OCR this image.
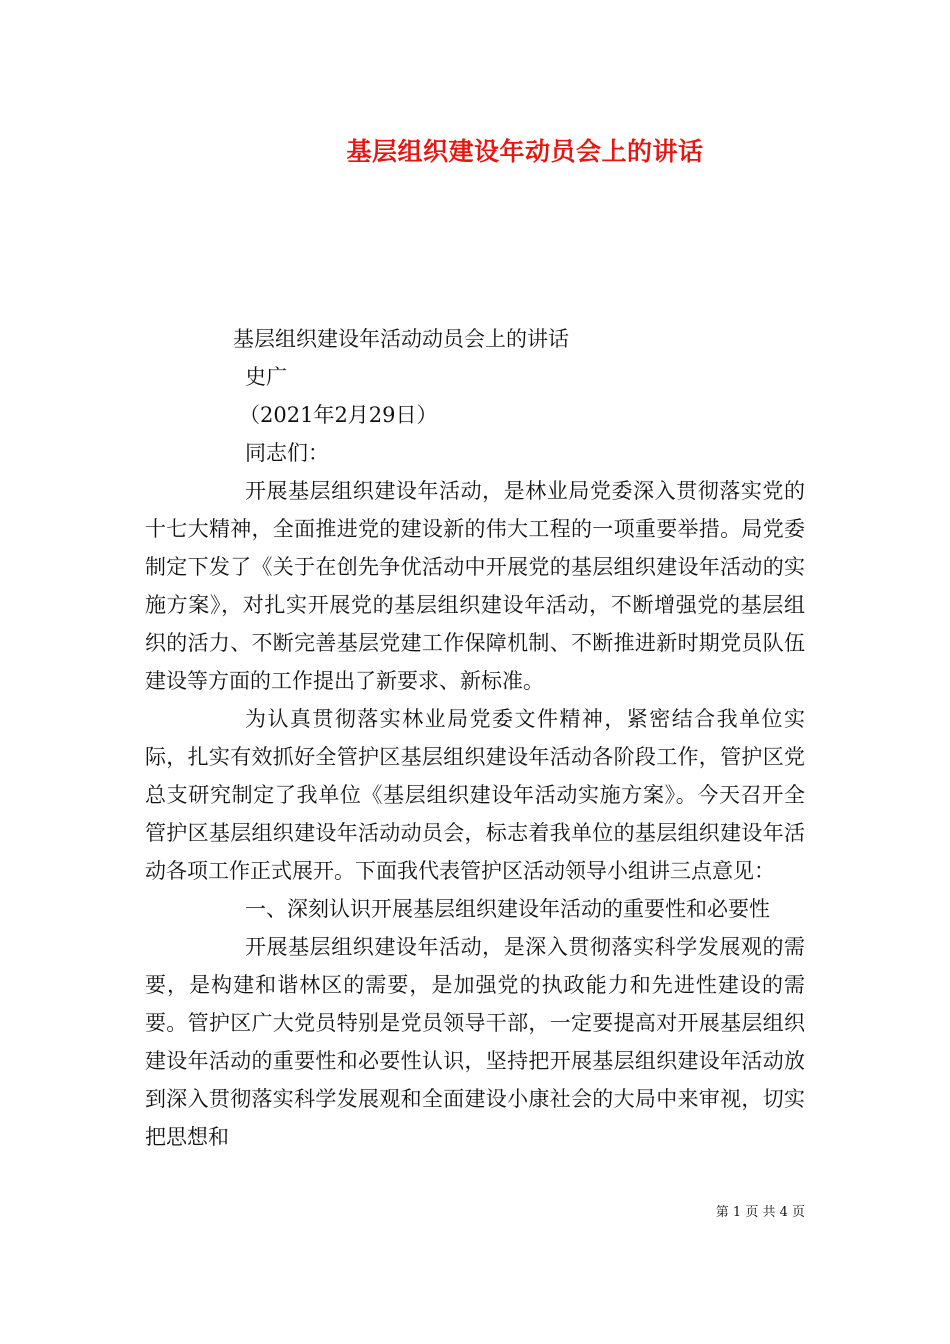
基层组织建设年动员会上的讲话

基层组织建设年活动动员会上的讲话

史广

（2021年2月29日）

同志们：

开展基层组织建设年活动，是林业局党委深入贯彻落实党的十七大精神，全面推进党的建设新的伟大工程的一项重要举措。局党委制定下发了《关于在创先争优活动中开展党的基层组织建设年活动的实施方案》，对扎实开展党的基层组织建设年活动，不断增强党的基层组织的活力、不断完善基层党建工作保障机制、不断推进新时期党员队伍建设等方面的工作提出了新要求、新标准。

为认真贯彻落实林业局党委文件精神，紧密结合我单位实际，扎实有效抓好全管护区基层组织建设年活动各阶段工作，管护区党总支研究制定了我单位《基层组织建设年活动实施方案》。今天召开全管护区基层组织建设年活动动员会，标志着我单位的基层组织建设年活动各项工作正式展开。下面我代表管护区活动领导小组讲三点意见：

一、深刻认识开展基层组织建设年活动的重要性和必要性

开展基层组织建设年活动，是深入贯彻落实科学发展观的需要，是构建和谐林区的需要，是加强党的执政能力和先进性建设的需要。管护区广大党员特别是党员领导干部，一定要提高对开展基层组织建设年活动的重要性和必要性认识，坚持把开展基层组织建设年活动放到深入贯彻落实科学发展观和全面建设小康社会的大局中来审视，切实把思想和

第 1 页 共 4 页
